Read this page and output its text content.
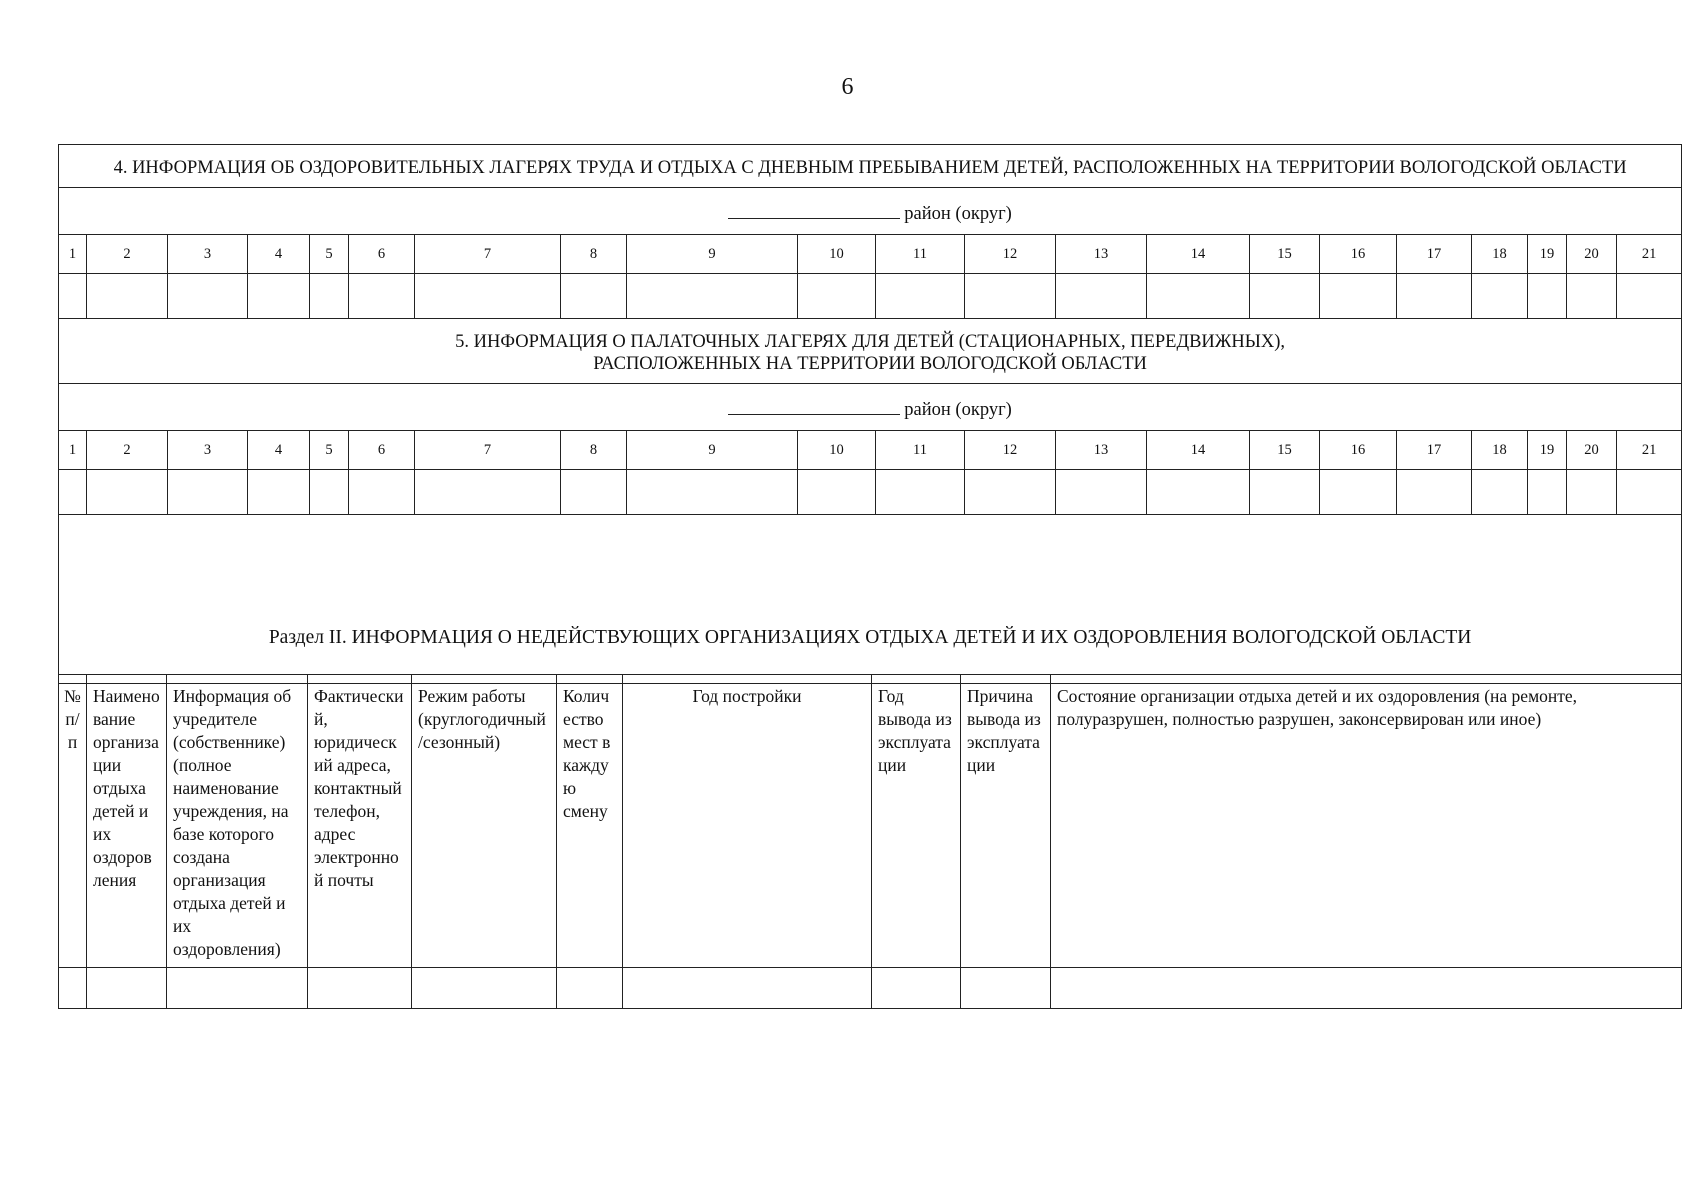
6
4. ИНФОРМАЦИЯ ОБ ОЗДОРОВИТЕЛЬНЫХ ЛАГЕРЯХ ТРУДА И ОТДЫХА С ДНЕВНЫМ ПРЕБЫВАНИЕМ ДЕТЕЙ, РАСПОЛОЖЕННЫХ НА ТЕРРИТОРИИ ВОЛОГОДСКОЙ ОБЛАСТИ																				
район (округ)																				
1	2	3	4	5	6	7	8	9	10	11	12	13	14	15	16	17	18	19	20	21

5. ИНФОРМАЦИЯ О ПАЛАТОЧНЫХ ЛАГЕРЯХ ДЛЯ ДЕТЕЙ (СТАЦИОНАРНЫХ, ПЕРЕДВИЖНЫХ),
РАСПОЛОЖЕННЫХ НА ТЕРРИТОРИИ ВОЛОГОДСКОЙ ОБЛАСТИ																				

район (округ)																				
1	2	3	4	5	6	7	8	9	10	11	12	13	14	15	16	17	18	19	20	21

Раздел II. ИНФОРМАЦИЯ О НЕДЕЙСТВУЮЩИХ ОРГАНИЗАЦИЯХ ОТДЫХА ДЕТЕЙ И ИХ ОЗДОРОВЛЕНИЯ ВОЛОГОДСКОЙ ОБЛАСТИ																				
№ п/п	Наименование организации отдыха детей и их оздоровления	Информация об учредителе (собственнике) (полное наименование учреждения, на базе которого создана организация отдыха детей и их оздоровления)	Фактический, юридический адреса, контактный телефон, адрес электронной почты	Режим работы (круглогодичный/сезонный)	Количество мест в каждую смену	Год постройки	Год вывода из эксплуатации	Причина вывода из эксплуатации	Состояние организации отдыха детей и их оздоровления (на ремонте, полуразрушен, полностью разрушен, законсервирован или иное)
